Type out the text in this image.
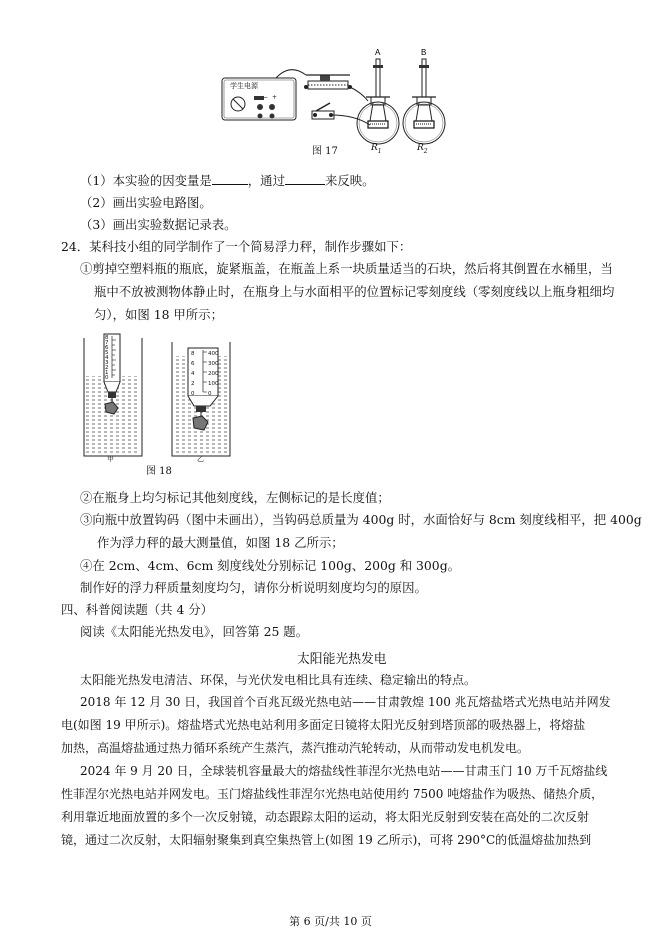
− +
A	B
学生电源
图 17	$R_1$	$R_2$
（1）本实验的因变量是	，通过	来反映。
（2）画出实验电路图。
（3）画出实验数据记录表。
24．某科技小组的同学制作了一个简易浮力秤，制作步骤如下：
①剪掉空塑料瓶的瓶底，旋紧瓶盖，在瓶盖上系一块质量适当的石块，然后将其倒置在水桶里，当
瓶中不放被测物体静止时，在瓶身上与水面相平的位置标记零刻度线（零刻度线以上瓶身粗细均
匀），如图 18 甲所示；
8
7
6
5
4
3
2
1
0
8
6
4
2
0
400
300
200
100
0
甲	乙
图 18
②在瓶身上均匀标记其他刻度线，左侧标记的是长度值；
③向瓶中放置钩码（图中未画出），当钩码总质量为 400g 时，水面恰好与 8cm 刻度线相平，把 400g
作为浮力秤的最大测量值，如图 18 乙所示；
④在 2cm、4cm、6cm 刻度线处分别标记 100g、200g 和 300g。
制作好的浮力秤质量刻度均匀，请你分析说明刻度均匀的原因。
四、科普阅读题（共 4 分）
阅读《太阳能光热发电》，回答第 25 题。
太阳能光热发电
太阳能光热发电清洁、环保，与光伏发电相比具有连续、稳定输出的特点。
2018 年 12 月 30 日，我国首个百兆瓦级光热电站——甘肃敦煌 100 兆瓦熔盐塔式光热电站并网发
电(如图 19 甲所示)。熔盐塔式光热电站利用多面定日镜将太阳光反射到塔顶部的吸热器上，将熔盐
加热，高温熔盐通过热力循环系统产生蒸汽，蒸汽推动汽轮转动，从而带动发电机发电。
2024 年 9 月 20 日，全球装机容量最大的熔盐线性菲涅尔光热电站——甘肃玉门 10 万千瓦熔盐线
性菲涅尔光热电站并网发电。玉门熔盐线性菲涅尔光热电站使用约 7500 吨熔盐作为吸热、储热介质，
利用靠近地面放置的多个一次反射镜，动态跟踪太阳的运动，将太阳光反射到安装在高处的二次反射
镜，通过二次反射，太阳辐射聚集到真空集热管上(如图 19 乙所示)，可将 290°C的低温熔盐加热到
第 6 页/共 10 页
